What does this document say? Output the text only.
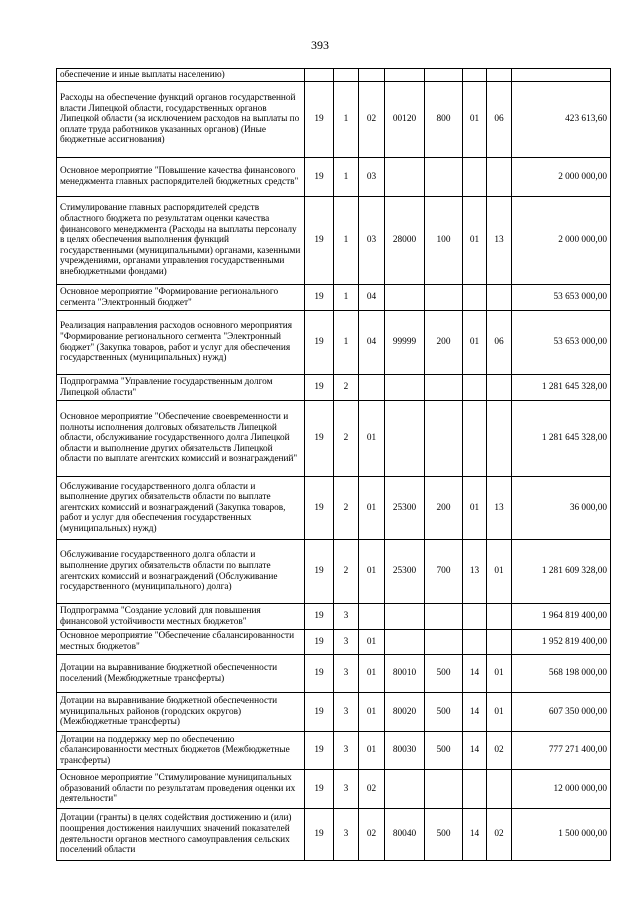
393
обеспечение и иные выплаты населению)								
Расходы на обеспечение функций органов государственной власти Липецкой области, государственных органов Липецкой области (за исключением расходов на выплаты по оплате труда работников указанных органов) (Иные бюджетные ассигнования)	19	1	02	00120	800	01	06	423 613,60
Основное мероприятие "Повышение качества финансового менеджмента главных распорядителей бюджетных средств"	19	1	03					2 000 000,00
Стимулирование главных распорядителей средств областного бюджета по результатам оценки качества финансового менеджмента (Расходы на выплаты персоналу в целях обеспечения выполнения функций государственными (муниципальными) органами, казенными учреждениями, органами управления государственными внебюджетными фондами)	19	1	03	28000	100	01	13	2 000 000,00
Основное мероприятие "Формирование регионального сегмента "Электронный бюджет"	19	1	04					53 653 000,00
Реализация направления расходов основного мероприятия "Формирование регионального сегмента "Электронный бюджет" (Закупка товаров, работ и услуг для обеспечения государственных (муниципальных) нужд)	19	1	04	99999	200	01	06	53 653 000,00
Подпрограмма "Управление государственным долгом Липецкой области"	19	2						1 281 645 328,00
Основное мероприятие "Обеспечение своевременности и полноты исполнения долговых обязательств Липецкой области, обслуживание государственного долга Липецкой области и выполнение других обязательств Липецкой области по выплате агентских комиссий и вознаграждений"	19	2	01					1 281 645 328,00
Обслуживание государственного долга области и выполнение других обязательств области по выплате агентских комиссий и вознаграждений (Закупка товаров, работ и услуг для обеспечения государственных (муниципальных) нужд)	19	2	01	25300	200	01	13	36 000,00
Обслуживание государственного долга области и выполнение других обязательств области по выплате агентских комиссий и вознаграждений (Обслуживание государственного (муниципального) долга)	19	2	01	25300	700	13	01	1 281 609 328,00
Подпрограмма "Создание условий для повышения финансовой устойчивости местных бюджетов"	19	3						1 964 819 400,00
Основное мероприятие "Обеспечение сбалансированности местных бюджетов"	19	3	01					1 952 819 400,00
Дотации на выравнивание бюджетной обеспеченности поселений (Межбюджетные трансферты)	19	3	01	80010	500	14	01	568 198 000,00
Дотации на выравнивание бюджетной обеспеченности муниципальных районов (городских округов) (Межбюджетные трансферты)	19	3	01	80020	500	14	01	607 350 000,00
Дотации на поддержку мер по обеспечению сбалансированности местных бюджетов (Межбюджетные трансферты)	19	3	01	80030	500	14	02	777 271 400,00
Основное мероприятие "Стимулирование муниципальных образований области по результатам проведения оценки их деятельности"	19	3	02					12 000 000,00
Дотации (гранты) в целях содействия достижению и (или) поощрения достижения наилучших значений показателей деятельности органов местного самоуправления сельских поселений области	19	3	02	80040	500	14	02	1 500 000,00
